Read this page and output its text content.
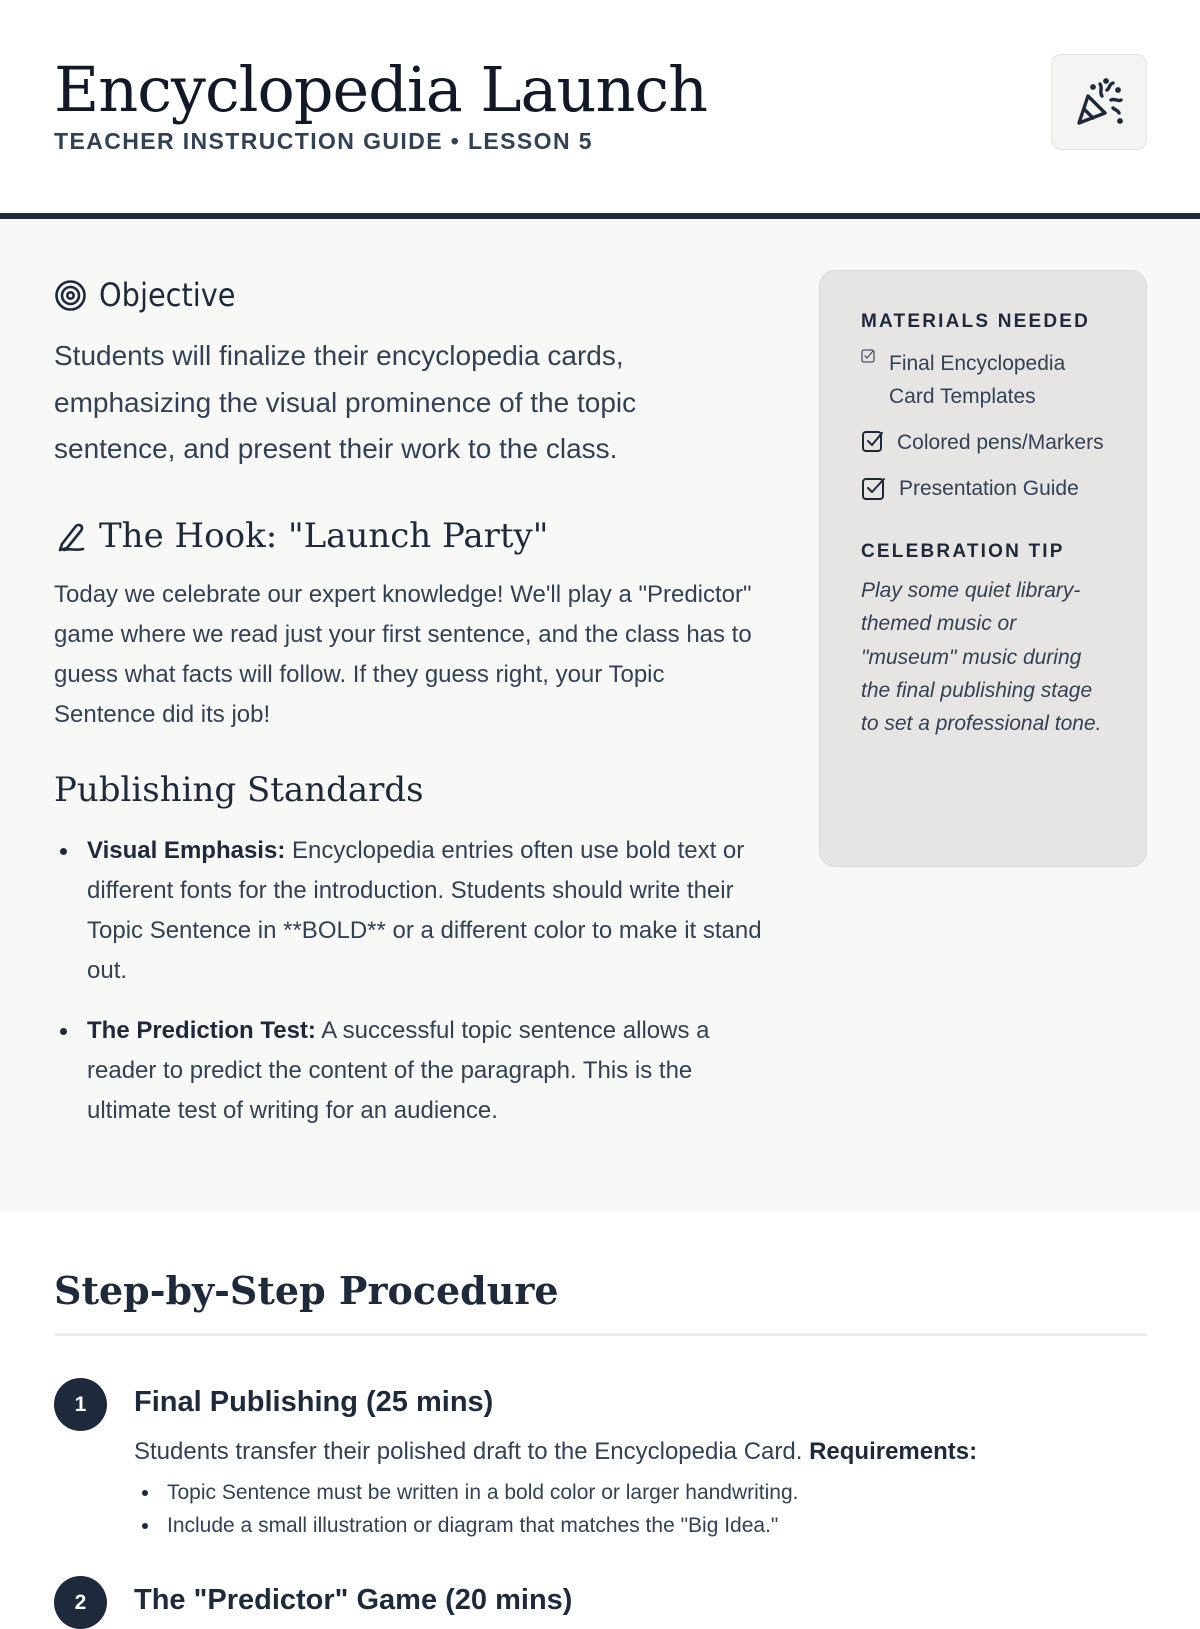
Encyclopedia Launch
TEACHER INSTRUCTION GUIDE • LESSON 5
Objective

Students will finalize their encyclopedia cards, emphasizing the visual prominence of the topic sentence, and present their work to the class.

The Hook: "Launch Party"

Today we celebrate our expert knowledge! We'll play a "Predictor" game where we read just your first sentence, and the class has to guess what facts will follow. If they guess right, your Topic Sentence did its job!

Publishing Standards
Visual Emphasis: Encyclopedia entries often use bold text or different fonts for the introduction. Students should write their Topic Sentence in **BOLD** or a different color to make it stand out.
The Prediction Test: A successful topic sentence allows a reader to predict the content of the paragraph. This is the ultimate test of writing for an audience.
MATERIALS NEEDED
Final Encyclopedia Card Templates
Colored pens/Markers
Presentation Guide
CELEBRATION TIP

Play some quiet library-themed music or "museum" music during the final publishing stage to set a professional tone.

Step-by-Step Procedure
1	Final Publishing (25 mins)

Students transfer their polished draft to the Encyclopedia Card. Requirements:

Topic Sentence must be written in a bold color or larger handwriting.
Include a small illustration or diagram that matches the "Big Idea."
2	The "Predictor" Game (20 mins)
